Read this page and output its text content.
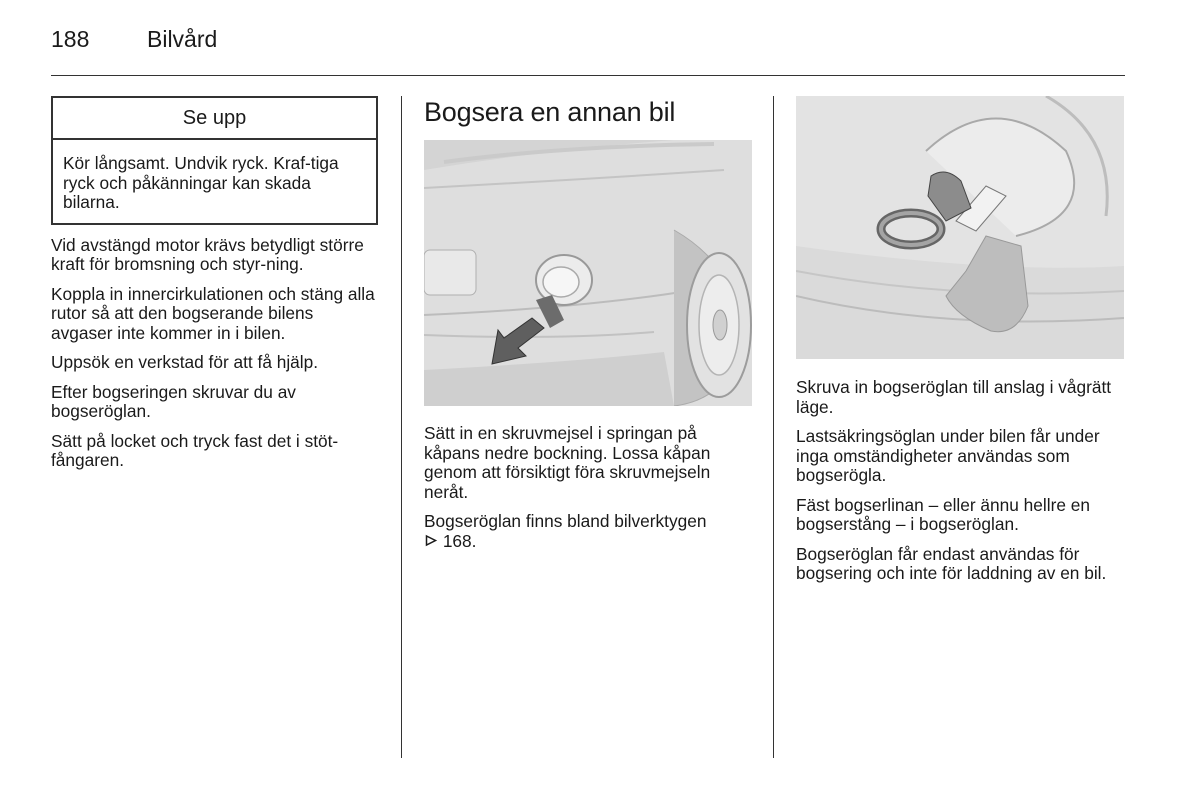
188	Bilvård
Se upp
Kör långsamt. Undvik ryck. Kraf-tiga ryck och påkänningar kan skada bilarna.

Vid avstängd motor krävs betydligt större kraft för bromsning och styr-ning.

Koppla in innercirkulationen och stäng alla rutor så att den bogserande bilens avgaser inte kommer in i bilen.

Uppsök en verkstad för att få hjälp.

Efter bogseringen skruvar du av bogseröglan.

Sätt på locket och tryck fast det i stöt-fångaren.

Bogsera en annan bil

Sätt in en skruvmejsel i springan på kåpans nedre bockning. Lossa kåpan genom att försiktigt föra skruvmejseln neråt.

Bogseröglan finns bland bilverktygen

168.

Skruva in bogseröglan till anslag i vågrätt läge.

Lastsäkringsöglan under bilen får under inga omständigheter användas som bogserögla.

Fäst bogserlinan – eller ännu hellre en bogserstång – i bogseröglan.

Bogseröglan får endast användas för bogsering och inte för laddning av en bil.
